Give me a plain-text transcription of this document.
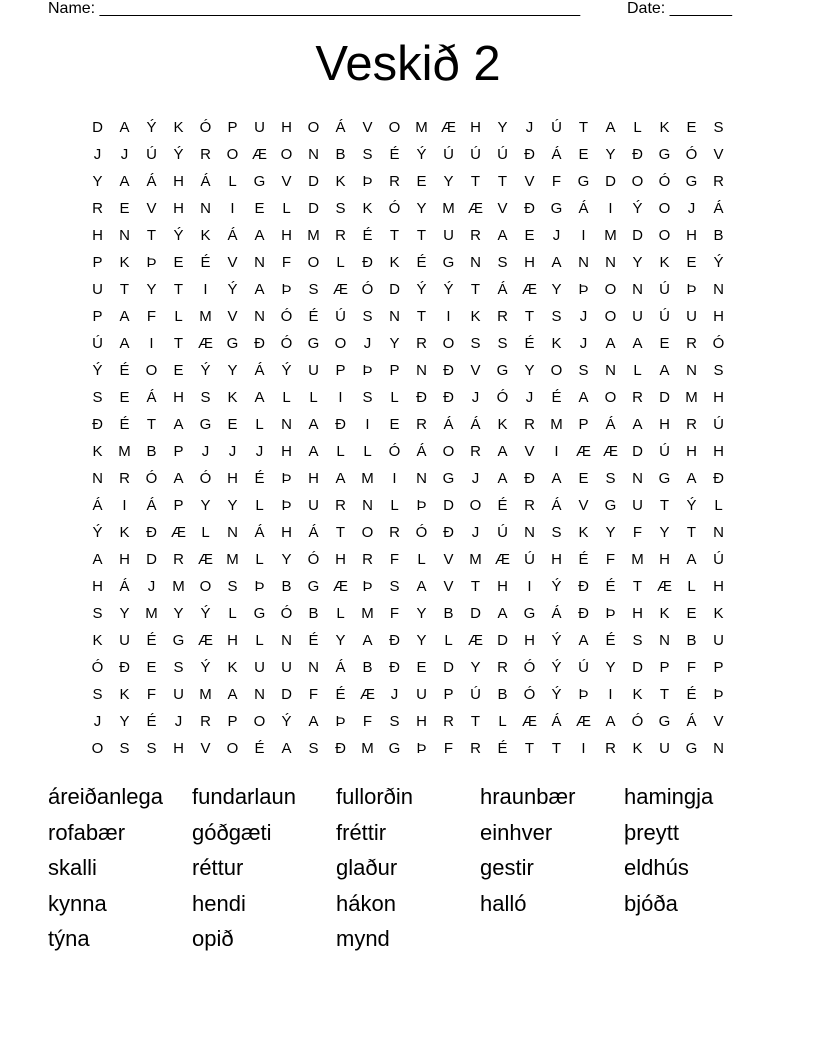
Name: ______________________________________________________	Date: _______
Veskið 2
D	A	Ý	K	Ó	P	U	H	O	Á	V	O M Æ H	Y	J	Ú	T	A	L	K	E	S
J	J	Ú	Ý	R	O Æ O	N	B	S	É	Ý	Ú	Ú	Ú	Ð	Á	E	Y	Ð	G	Ó	V
Y	A	Á	H	Á	L	G	V	D	K	Þ	R	E	Y	T	T	V	F	G	D	O	Ó	G	R
R	E	V	H	N	I	E	L	D	S	K	Ó	Y	M Æ V	Ð	G	Á	I	Ý	O	J	Á
H	N	T	Ý	K	Á	A	H	M	R	É	T	T	U	R	A	E	J	I	M	D	O	H	B
P	K	Þ	E	É	V	N	F	O	L	Ð	K	É	G	N	S	H	A	N	N	Y	K	E	Ý
U	T	Y	T	I	Ý	A	Þ	S Æ Ó	D	Ý	Ý	T	Á Æ Y	Þ	O	N	Ú	Þ	N
P	A	F	L	M	V	N	Ó	É	Ú	S	N	T	I	K	R	T	S	J	O	U	Ú	U	H
Ú	A	I	T Æ G	Ð	Ó	G	O	J	Y	R	O	S	S	É	K	J	A	A	E	R	Ó
Ý	É	O	E	Ý	Y	Á	Ý	U	P	Þ	P	N	Ð	V	G	Y	O	S	N	L	A	N	S
S	E	Á	H	S	K	A	L	L	I	S	L	Ð	Ð	J	Ó	J	É	A	O	R	D	M	H
Ð	É	T	A	G	E	L	N	A	Ð	I	E	R	Á	Á	K	R	M	P	Á	A	H	R	Ú
K	M	B	P	J	J	J	H	A	L	L	Ó	Á	O	R	A	V	I	Æ Æ D	Ú	H	H
N	R	Ó	A	Ó	H	É	Þ	H	A	M	I	N	G	J	A	Ð	A	E	S	N	G	A	Ð
Á	I	Á	P	Y	Y	L	Þ	U	R	N	L	Þ	D	O	É	R	Á	V	G	U	T	Ý	L
Ý	K	Ð Æ	L	N	Á	H	Á	T	O	R	Ó	Ð	J	Ú	N	S	K	Y	F	Y	T	N
A	H	D	R Æ M	L	Y	Ó	H	R	F	L	V	M Æ Ú	H	É	F	M	H	A	Ú
H	Á	J	M O	S	Þ	B	G Æ Þ	S	A	V	T	H	I	Ý	Ð	É	T Æ	L	H
S	Y	M	Y	Ý	L	G	Ó	B	L	M	F	Y	B	D	A	G	Á	Ð	Þ	H	K	E	K
K	U	É	G Æ H	L	N	É	Y	A	Ð	Y	L	Æ D	H	Ý	A	É	S	N	B	U
Ó	Ð	E	S	Ý	K	U	U	N	Á	B	Ð	E	D	Y	R	Ó	Ý	Ú	Y	D	P	F	P
S	K	F	U	M	A	N	D	F	É Æ	J	U	P	Ú	B	Ó	Ý	Þ	I	K	T	É	Þ
J	Y	É	J	R	P	O	Ý	A	Þ	F	S	H	R	T	L	Æ Á Æ A	Ó	G	Á	V
O	S	S	H	V	O	É	A	S	Ð	M G	Þ	F	R	É	T	T	I	R	K	U	G	N
áreiðanlega	fundarlaun	fullorðin	hraunbær	hamingja
rofabær	góðgæti	fréttir	einhver	þreytt
skalli	réttur	glaður	gestir	eldhús
kynna	hendi	hákon	halló	bjóða
týna	opið	mynd
